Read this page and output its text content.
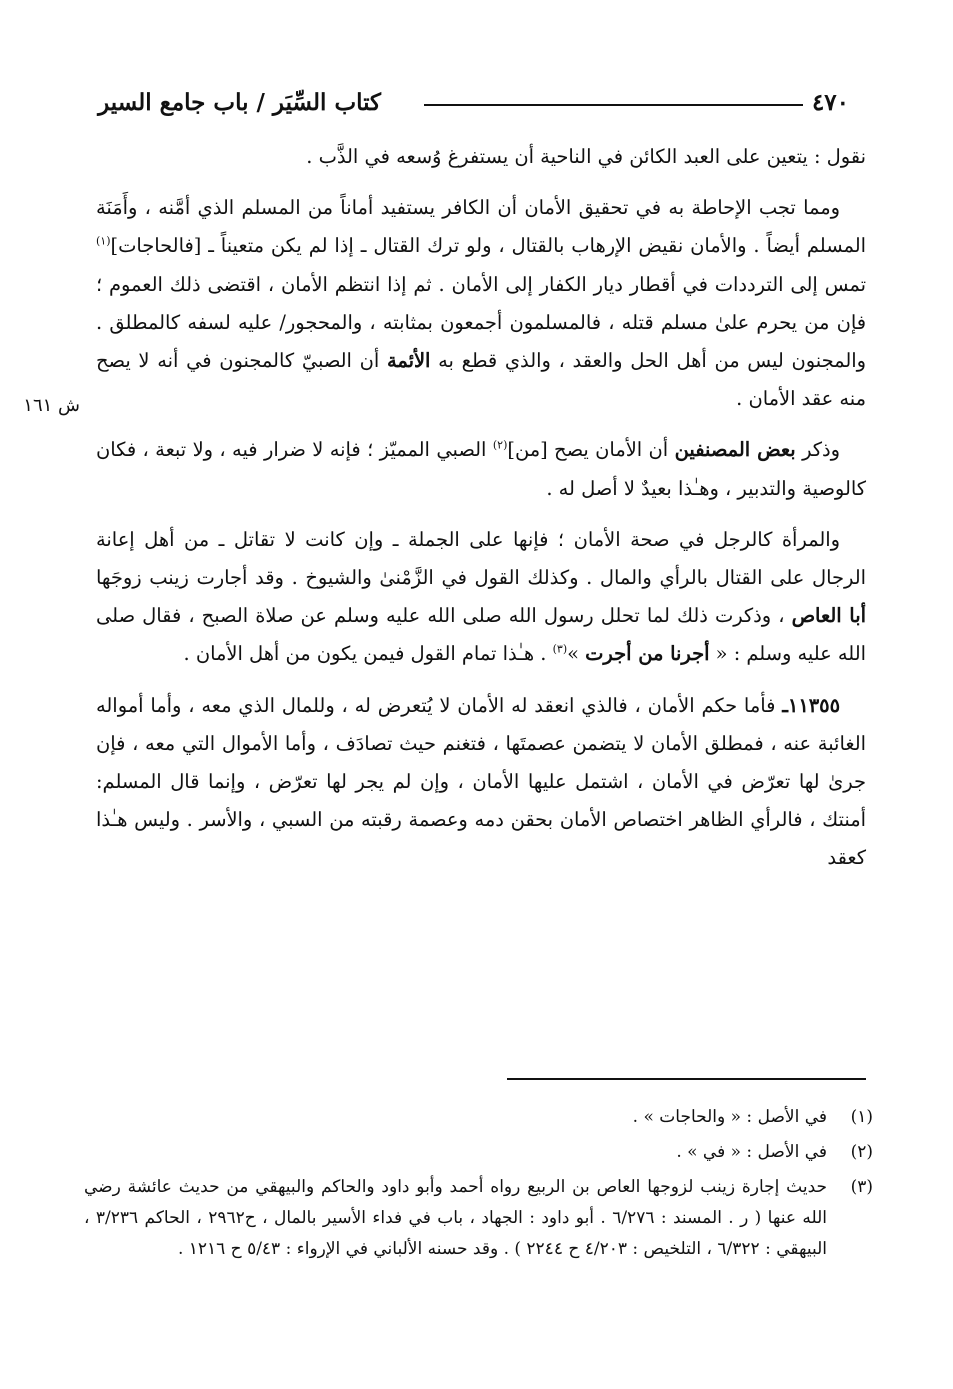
٤٧٠
كتاب السِّيَر / باب جامع السير
ش ١٦١

نقول : يتعين على العبد الكائن في الناحية أن يستفرغ وُسعه في الذَّب .

ومما تجب الإحاطة به في تحقيق الأمان أن الكافر يستفيد أماناً من المسلم الذي أمَّنه ، وأَمَنَة المسلم أيضاً . والأمان نقيض الإرهاب بالقتال ، ولو ترك القتال ـ إذا لم يكن متعيناً ـ [فالحاجات]$^{(١)}$ تمس إلى الترددات في أقطار ديار الكفار إلى الأمان . ثم إذا انتظم الأمان ، اقتضى ذلك العموم ؛ فإن من يحرم علىٰ مسلم قتله ، فالمسلمون أجمعون بمثابته ، والمحجور/ عليه لسفه كالمطلق . والمجنون ليس من أهل الحل والعقد ، والذي قطع به الأئمة أن الصبيّ كالمجنون في أنه لا يصح منه عقد الأمان .

وذكر بعض المصنفين أن الأمان يصح [من]$^{(٢)}$ الصبي المميّز ؛ فإنه لا ضرار فيه ، ولا تبعة ، فكان كالوصية والتدبير ، وهـٰذا بعيدٌ لا أصل له .

والمرأة كالرجل في صحة الأمان ؛ فإنها على الجملة ـ وإن كانت لا تقاتل ـ من أهل إعانة الرجال على القتال بالرأي والمال . وكذلك القول في الزَّمْنىٰ والشيوخ . وقد أجارت زينب زوجَها أبا العاص ، وذكرت ذلك لما تحلل رسول الله صلى الله عليه وسلم عن صلاة الصبح ، فقال صلى الله عليه وسلم : « أجرنا من أجرت »$^{(٣)}$ . هـٰذا تمام القول فيمن يكون من أهل الأمان .

١١٣٥٥ـ فأما حكم الأمان ، فالذي انعقد له الأمان لا يُتعرض له ، وللمال الذي معه ، وأما أمواله الغائبة عنه ، فمطلق الأمان لا يتضمن عصمتَها ، فتغنم حيث تصادَف ، وأما الأموال التي معه ، فإن جرىٰ لها تعرّض في الأمان ، اشتمل عليها الأمان ، وإن لم يجر لها تعرّض ، وإنما قال المسلم: أمنتك ، فالرأي الظاهر اختصاص الأمان بحقن دمه وعصمة رقبته من السبي ، والأسر . وليس هـٰذا كعقد

(١)
في الأصل : « والحاجات » .
(٢)
في الأصل : « في » .
(٣)
حديث إجارة زينب لزوجها العاص بن الربيع رواه أحمد وأبو داود والحاكم والبيهقي من حديث عائشة رضي الله عنها ( ر . المسند : ٦/٢٧٦ . أبو داود : الجهاد ، باب في فداء الأسير بالمال ، ح٢٩٦٢ ، الحاكم ٣/٢٣٦ ، البيهقي : ٦/٣٢٢ ، التلخيص : ٤/٢٠٣ ح ٢٢٤٤ ) . وقد حسنه الألباني في الإرواء : ٥/٤٣ ح ١٢١٦ .
